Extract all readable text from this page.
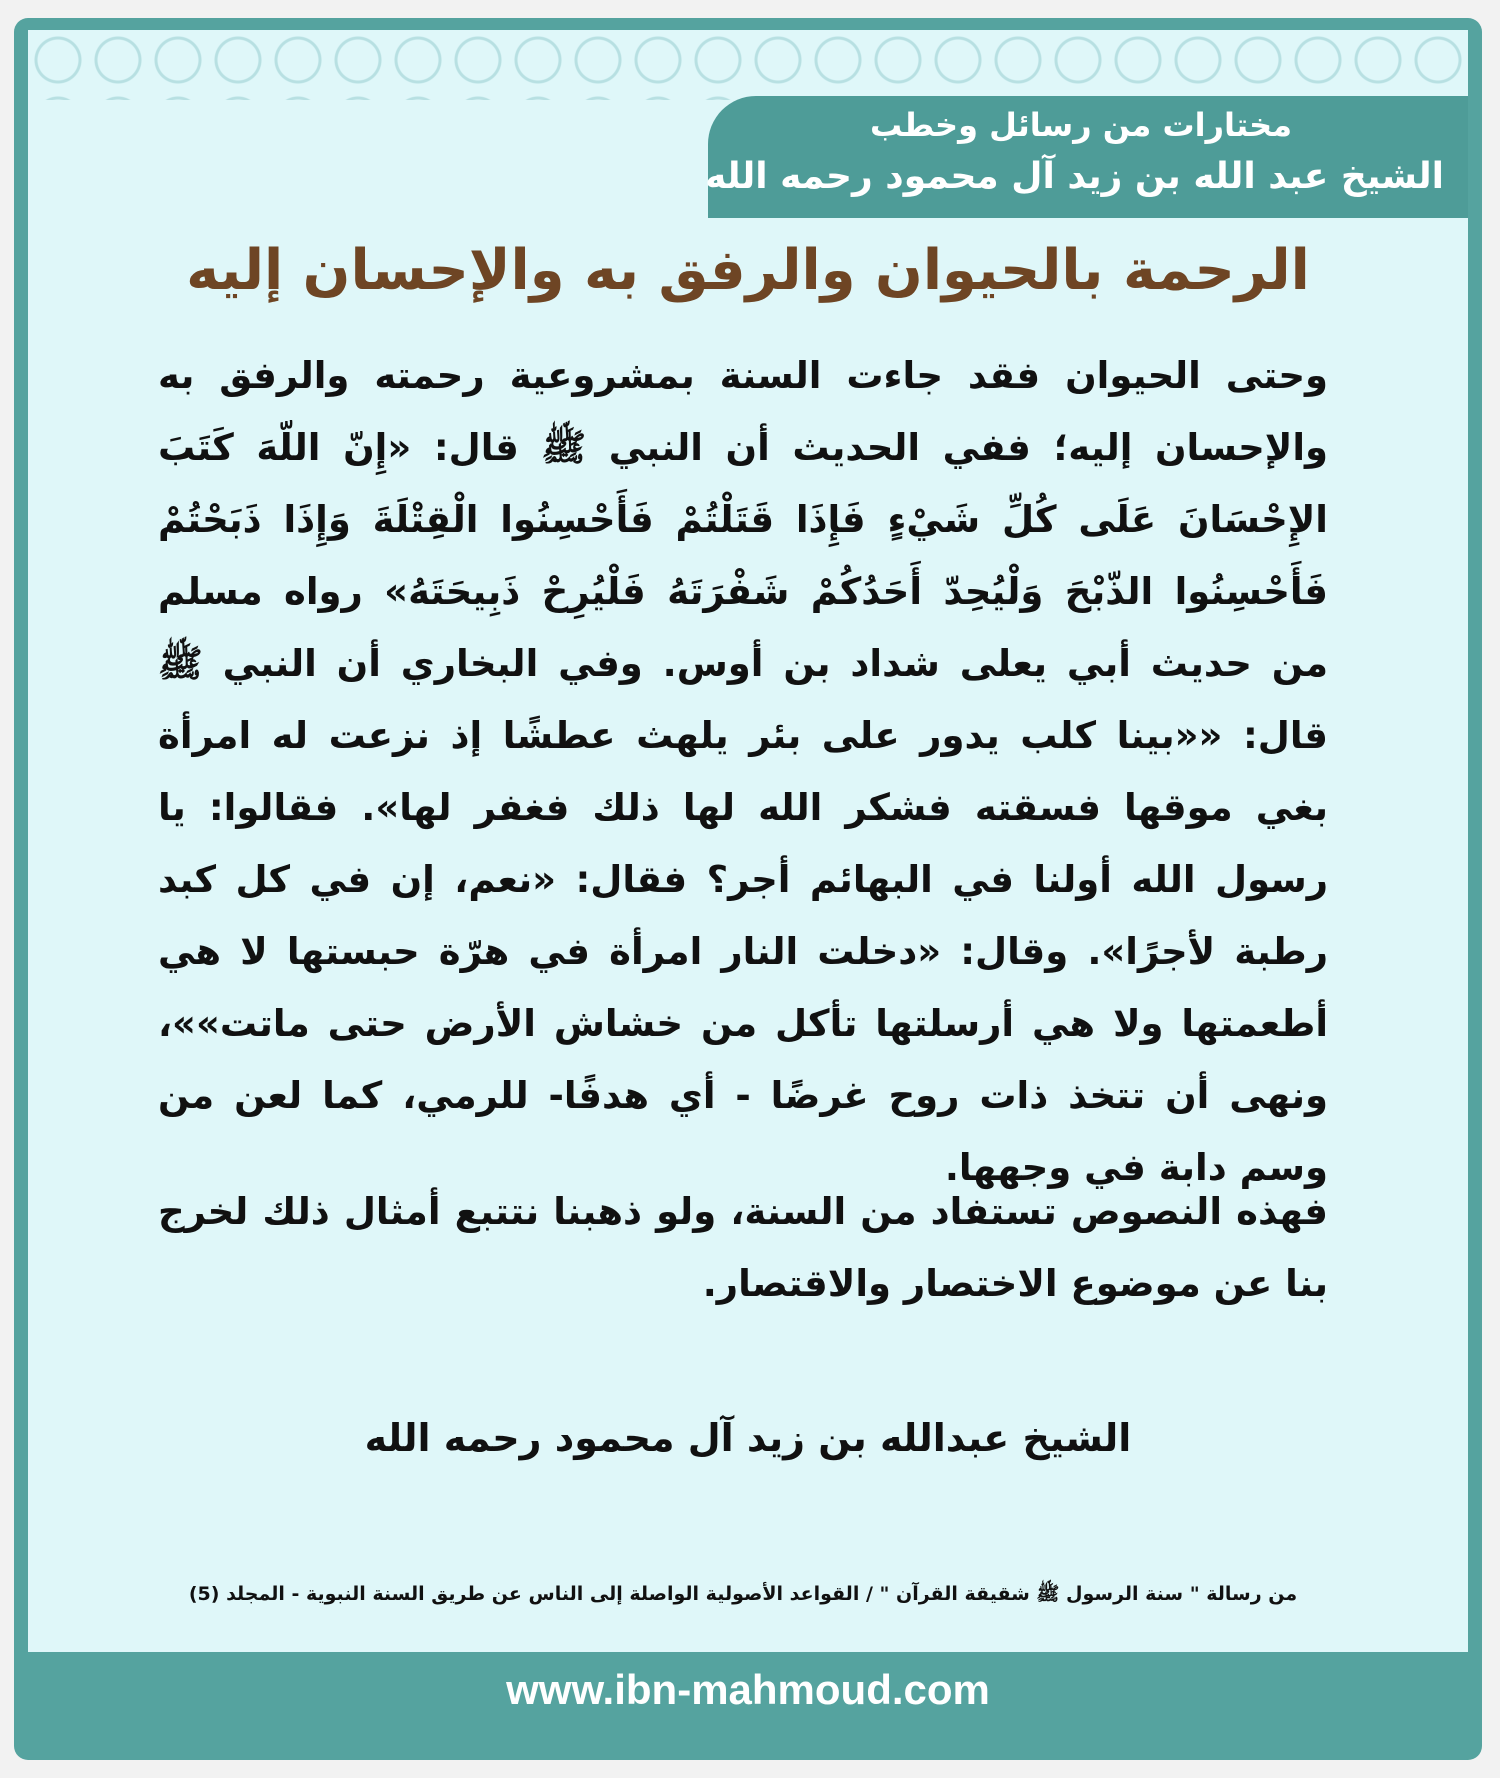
مختارات من رسائل وخطب
الشيخ عبد الله بن زيد آل محمود رحمه الله
الرحمة بالحيوان والرفق به والإحسان إليه

وحتى الحيوان فقد جاءت السنة بمشروعية رحمته والرفق به والإحسان إليه؛ ففي الحديث أن النبي ﷺ قال: «إِنّ اللّهَ كَتَبَ الإِحْسَانَ عَلَى كُلِّ شَيْءٍ فَإِذَا قَتَلْتُمْ فَأَحْسِنُوا الْقِتْلَةَ وَإِذَا ذَبَحْتُمْ فَأَحْسِنُوا الذّبْحَ وَلْيُحِدّ أَحَدُكُمْ شَفْرَتَهُ فَلْيُرِحْ ذَبِيحَتَهُ» رواه مسلم من حديث أبي يعلى شداد بن أوس. وفي البخاري أن النبي ﷺ قال: ««بينا كلب يدور على بئر يلهث عطشًا إذ نزعت له امرأة بغي موقها فسقته فشكر الله لها ذلك فغفر لها». فقالوا: يا رسول الله أولنا في البهائم أجر؟ فقال: «نعم، إن في كل كبد رطبة لأجرًا». وقال: «دخلت النار امرأة في هرّة حبستها لا هي أطعمتها ولا هي أرسلتها تأكل من خشاش الأرض حتى ماتت»»، ونهى أن تتخذ ذات روح غرضًا - أي هدفًا- للرمي، كما لعن من وسم دابة في وجهها.

فهذه النصوص تستفاد من السنة، ولو ذهبنا نتتبع أمثال ذلك لخرج بنا عن موضوع الاختصار والاقتصار.

الشيخ عبدالله بن زيد آل محمود رحمه الله
من رسالة " سنة الرسول ﷺ شقيقة القرآن " / القواعد الأصولية الواصلة إلى الناس عن طريق السنة النبوية - المجلد (5)
www.ibn-mahmoud.com
